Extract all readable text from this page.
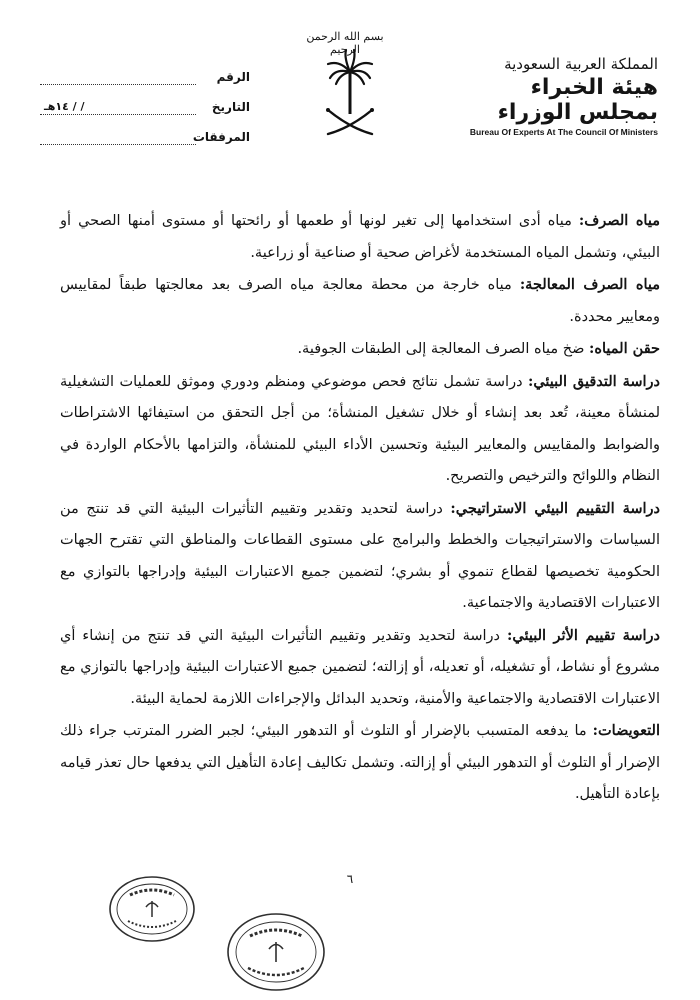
المملكة العربية السعودية
هيئة الخبراء بمجلس الوزراء
Bureau Of Experts At The Council Of Ministers
بسم الله الرحمن الرحيم
الرقم
التاريخ
/ / ١٤هـ
المرفقات

مياه الصرف: مياه أدى استخدامها إلى تغير لونها أو طعمها أو رائحتها أو مستوى أمنها الصحي أو البيئي، وتشمل المياه المستخدمة لأغراض صحية أو صناعية أو زراعية.

مياه الصرف المعالجة: مياه خارجة من محطة معالجة مياه الصرف بعد معالجتها طبقاً لمقاييس ومعايير محددة.

حقن المياه: ضخ مياه الصرف المعالجة إلى الطبقات الجوفية.

دراسة التدقيق البيئي: دراسة تشمل نتائج فحص موضوعي ومنظم ودوري وموثق للعمليات التشغيلية لمنشأة معينة، تُعد بعد إنشاء أو خلال تشغيل المنشأة؛ من أجل التحقق من استيفائها الاشتراطات والضوابط والمقاييس والمعايير البيئية وتحسين الأداء البيئي للمنشأة، والتزامها بالأحكام الواردة في النظام واللوائح والترخيص والتصريح.

دراسة التقييم البيئي الاستراتيجي: دراسة لتحديد وتقدير وتقييم التأثيرات البيئية التي قد تنتج من السياسات والاستراتيجيات والخطط والبرامج على مستوى القطاعات والمناطق التي تقترح الجهات الحكومية تخصيصها لقطاع تنموي أو بشري؛ لتضمين جميع الاعتبارات البيئية وإدراجها بالتوازي مع الاعتبارات الاقتصادية والاجتماعية.

دراسة تقييم الأثر البيئي: دراسة لتحديد وتقدير وتقييم التأثيرات البيئية التي قد تنتج من إنشاء أي مشروع أو نشاط، أو تشغيله، أو تعديله، أو إزالته؛ لتضمين جميع الاعتبارات البيئية وإدراجها بالتوازي مع الاعتبارات الاقتصادية والاجتماعية والأمنية، وتحديد البدائل والإجراءات اللازمة لحماية البيئة.

التعويضات: ما يدفعه المتسبب بالإضرار أو التلوث أو التدهور البيئي؛ لجبر الضرر المترتب جراء ذلك الإضرار أو التلوث أو التدهور البيئي أو إزالته. وتشمل تكاليف إعادة التأهيل التي يدفعها حال تعذر قيامه بإعادة التأهيل.

٦
